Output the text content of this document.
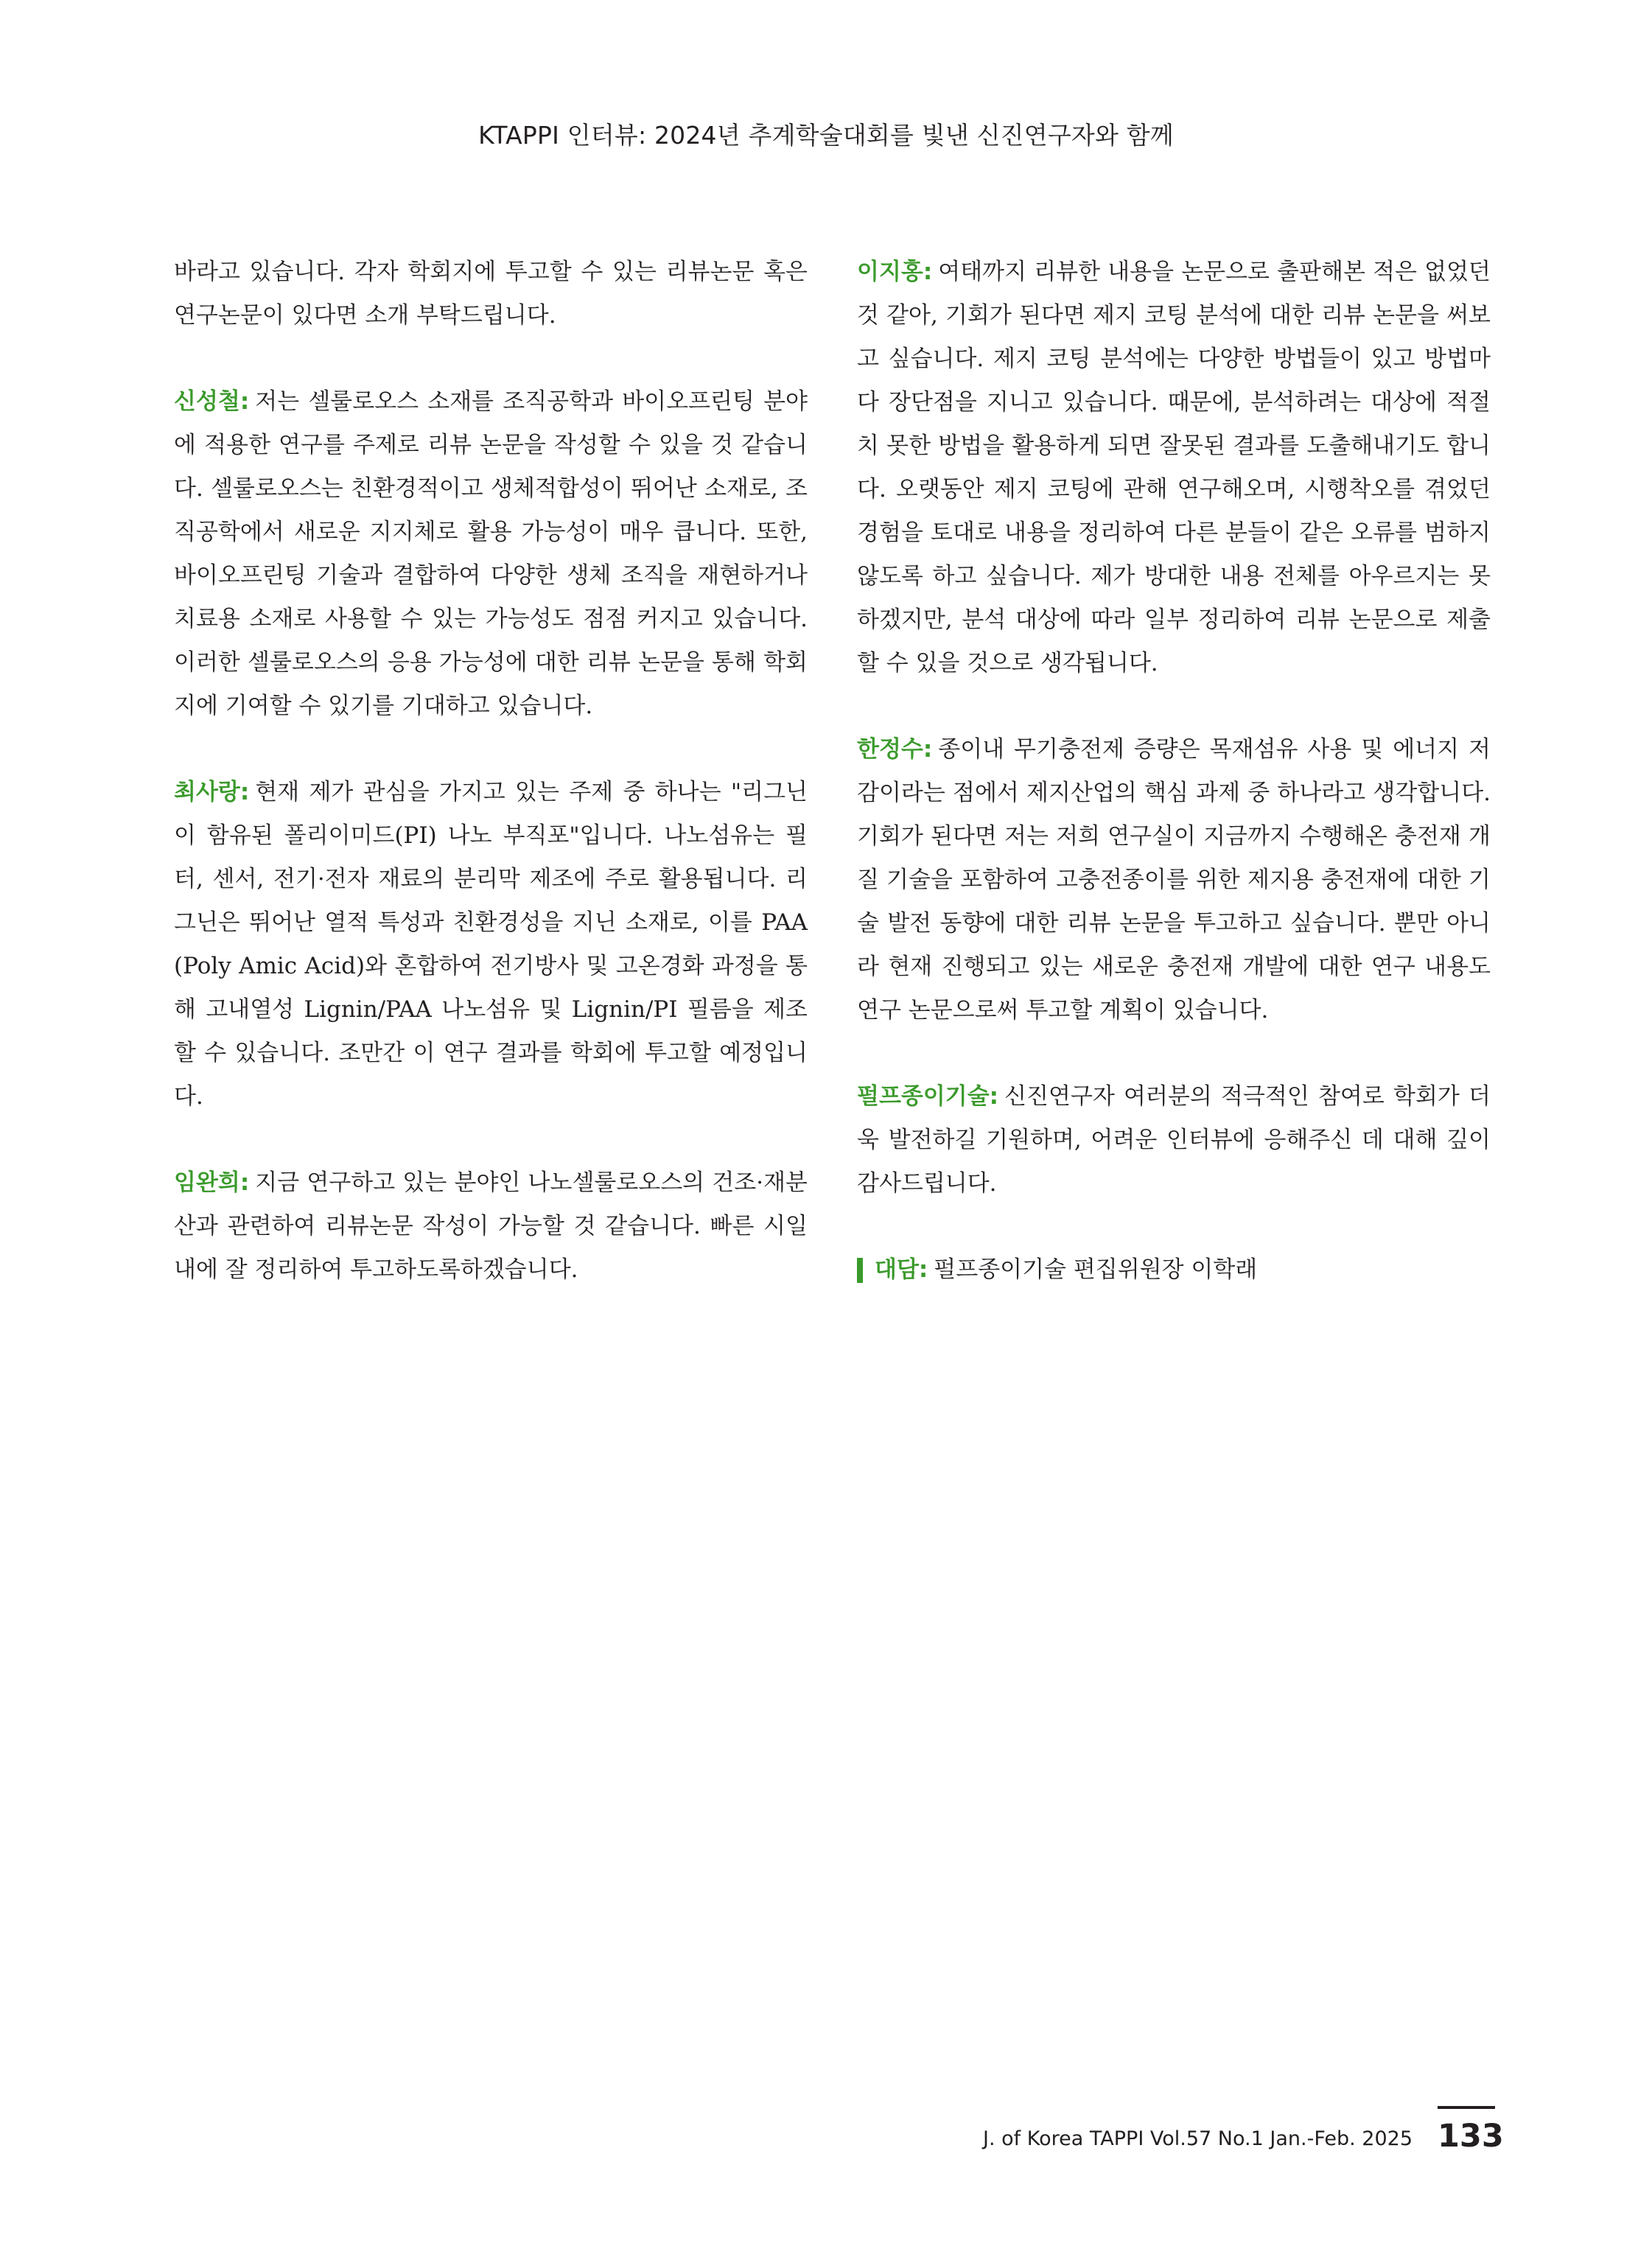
KTAPPI 인터뷰: 2024년 추계학술대회를 빛낸 신진연구자와 함께

바라고 있습니다. 각자 학회지에 투고할 수 있는 리뷰논문 혹은 연구논문이 있다면 소개 부탁드립니다.

신성철: 저는 셀룰로오스 소재를 조직공학과 바이오프린팅 분야에 적용한 연구를 주제로 리뷰 논문을 작성할 수 있을 것 같습니다. 셀룰로오스는 친환경적이고 생체적합성이 뛰어난 소재로, 조직공학에서 새로운 지지체로 활용 가능성이 매우 큽니다. 또한, 바이오프린팅 기술과 결합하여 다양한 생체 조직을 재현하거나 치료용 소재로 사용할 수 있는 가능성도 점점 커지고 있습니다. 이러한 셀룰로오스의 응용 가능성에 대한 리뷰 논문을 통해 학회지에 기여할 수 있기를 기대하고 있습니다.

최사랑: 현재 제가 관심을 가지고 있는 주제 중 하나는 "리그닌이 함유된 폴리이미드(PI) 나노 부직포"입니다. 나노섬유는 필터, 센서, 전기·전자 재료의 분리막 제조에 주로 활용됩니다. 리그닌은 뛰어난 열적 특성과 친환경성을 지닌 소재로, 이를 PAA(Poly Amic Acid)와 혼합하여 전기방사 및 고온경화 과정을 통해 고내열성 Lignin/PAA 나노섬유 및 Lignin/PI 필름을 제조할 수 있습니다. 조만간 이 연구 결과를 학회에 투고할 예정입니다.

임완희: 지금 연구하고 있는 분야인 나노셀룰로오스의 건조·재분산과 관련하여 리뷰논문 작성이 가능할 것 같습니다. 빠른 시일 내에 잘 정리하여 투고하도록하겠습니다.

이지홍: 여태까지 리뷰한 내용을 논문으로 출판해본 적은 없었던 것 같아, 기회가 된다면 제지 코팅 분석에 대한 리뷰 논문을 써보고 싶습니다. 제지 코팅 분석에는 다양한 방법들이 있고 방법마다 장단점을 지니고 있습니다. 때문에, 분석하려는 대상에 적절치 못한 방법을 활용하게 되면 잘못된 결과를 도출해내기도 합니다. 오랫동안 제지 코팅에 관해 연구해오며, 시행착오를 겪었던 경험을 토대로 내용을 정리하여 다른 분들이 같은 오류를 범하지 않도록 하고 싶습니다. 제가 방대한 내용 전체를 아우르지는 못하겠지만, 분석 대상에 따라 일부 정리하여 리뷰 논문으로 제출할 수 있을 것으로 생각됩니다.

한정수: 종이내 무기충전제 증량은 목재섬유 사용 및 에너지 저감이라는 점에서 제지산업의 핵심 과제 중 하나라고 생각합니다. 기회가 된다면 저는 저희 연구실이 지금까지 수행해온 충전재 개질 기술을 포함하여 고충전종이를 위한 제지용 충전재에 대한 기술 발전 동향에 대한 리뷰 논문을 투고하고 싶습니다. 뿐만 아니라 현재 진행되고 있는 새로운 충전재 개발에 대한 연구 내용도 연구 논문으로써 투고할 계획이 있습니다.

펄프종이기술: 신진연구자 여러분의 적극적인 참여로 학회가 더욱 발전하길 기원하며, 어려운 인터뷰에 응해주신 데 대해 깊이 감사드립니다.

대담: 펄프종이기술 편집위원장 이학래

J. of Korea TAPPI Vol.57 No.1 Jan.-Feb. 2025 133
